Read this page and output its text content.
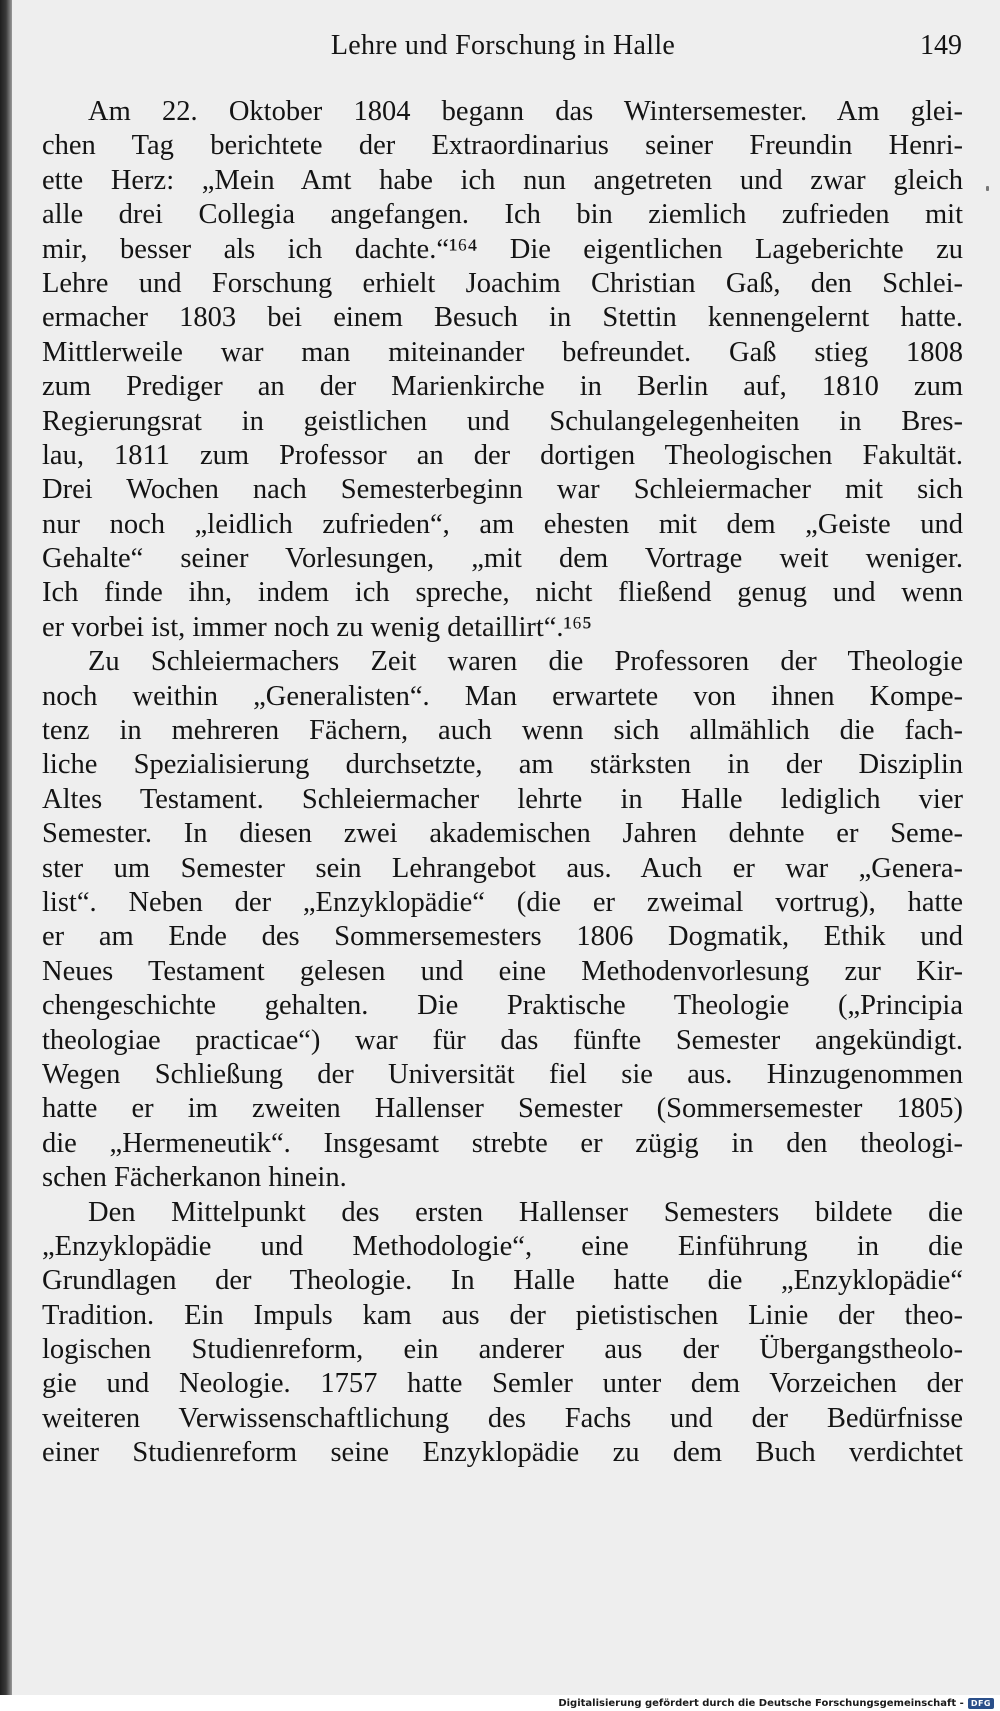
Lehre und Forschung in Halle	149
Am 22. Oktober 1804 begann das Wintersemester. Am glei-
chen Tag berichtete der Extraordinarius seiner Freundin Henri-
ette Herz: „Mein Amt habe ich nun angetreten und zwar gleich
alle drei Collegia angefangen. Ich bin ziemlich zufrieden mit
mir, besser als ich dachte.“¹⁶⁴ Die eigentlichen Lageberichte zu
Lehre und Forschung erhielt Joachim Christian Gaß, den Schlei-
ermacher 1803 bei einem Besuch in Stettin kennengelernt hatte.
Mittlerweile war man miteinander befreundet. Gaß stieg 1808
zum Prediger an der Marienkirche in Berlin auf, 1810 zum
Regierungsrat in geistlichen und Schulangelegenheiten in Bres-
lau, 1811 zum Professor an der dortigen Theologischen Fakultät.
Drei Wochen nach Semesterbeginn war Schleiermacher mit sich
nur noch „leidlich zufrieden“, am ehesten mit dem „Geiste und
Gehalte“ seiner Vorlesungen, „mit dem Vortrage weit weniger.
Ich finde ihn, indem ich spreche, nicht fließend genug und wenn
er vorbei ist, immer noch zu wenig detaillirt“.¹⁶⁵
Zu Schleiermachers Zeit waren die Professoren der Theologie
noch weithin „Generalisten“. Man erwartete von ihnen Kompe-
tenz in mehreren Fächern, auch wenn sich allmählich die fach-
liche Spezialisierung durchsetzte, am stärksten in der Disziplin
Altes Testament. Schleiermacher lehrte in Halle lediglich vier
Semester. In diesen zwei akademischen Jahren dehnte er Seme-
ster um Semester sein Lehrangebot aus. Auch er war „Genera-
list“. Neben der „Enzyklopädie“ (die er zweimal vortrug), hatte
er am Ende des Sommersemesters 1806 Dogmatik, Ethik und
Neues Testament gelesen und eine Methodenvorlesung zur Kir-
chengeschichte gehalten. Die Praktische Theologie („Principia
theologiae practicae“) war für das fünfte Semester angekündigt.
Wegen Schließung der Universität fiel sie aus. Hinzugenommen
hatte er im zweiten Hallenser Semester (Sommersemester 1805)
die „Hermeneutik“. Insgesamt strebte er zügig in den theologi-
schen Fächerkanon hinein.
Den Mittelpunkt des ersten Hallenser Semesters bildete die
„Enzyklopädie und Methodologie“, eine Einführung in die
Grundlagen der Theologie. In Halle hatte die „Enzyklopädie“
Tradition. Ein Impuls kam aus der pietistischen Linie der theo-
logischen Studienreform, ein anderer aus der Übergangstheolo-
gie und Neologie. 1757 hatte Semler unter dem Vorzeichen der
weiteren Verwissenschaftlichung des Fachs und der Bedürfnisse
einer Studienreform seine Enzyklopädie zu dem Buch verdichtet
Digitalisierung gefördert durch die Deutsche Forschungsgemeinschaft - DFG
